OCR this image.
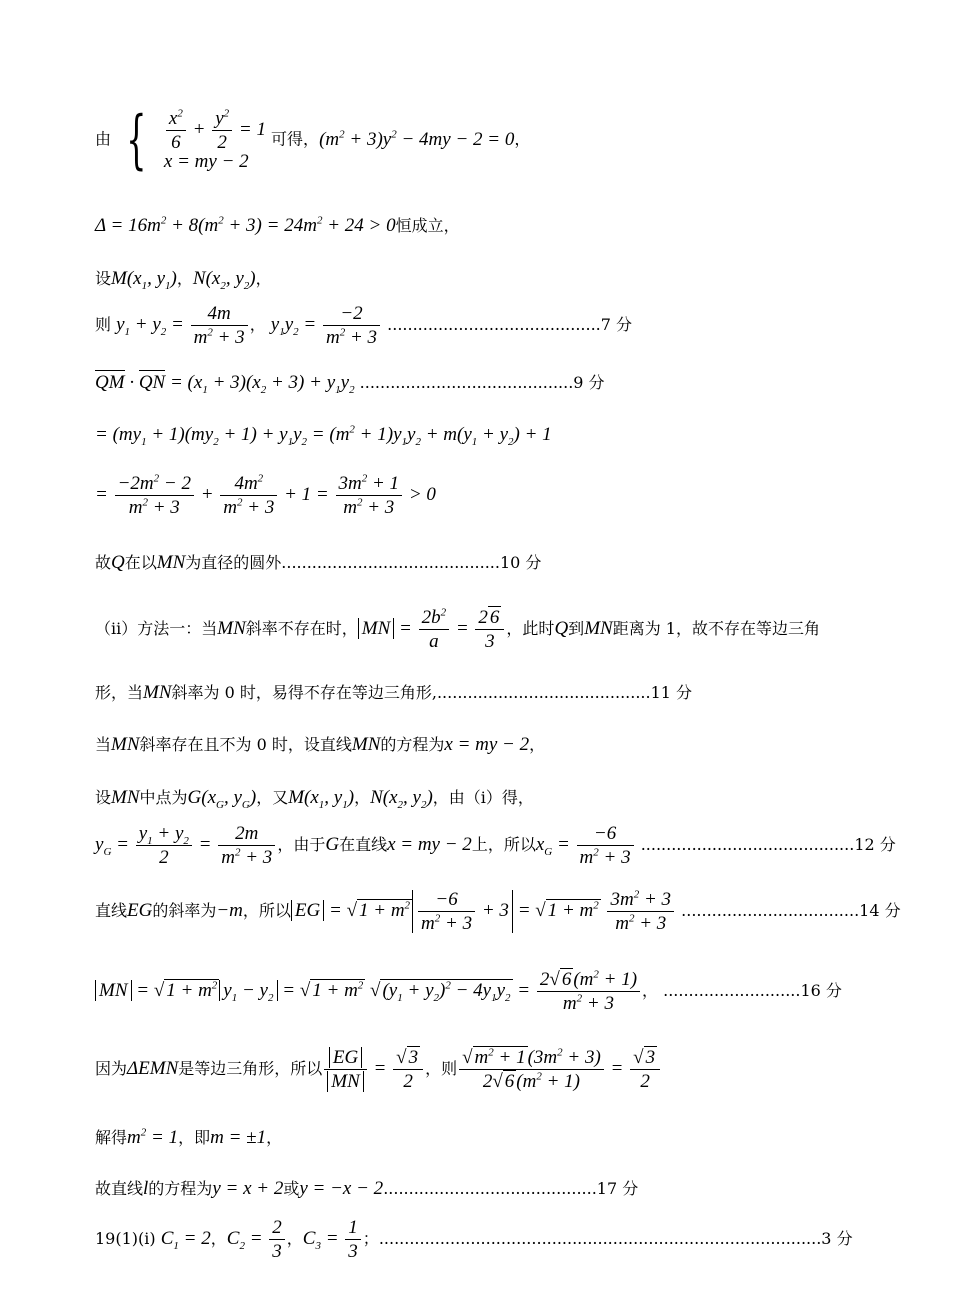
由 { $\frac{x^2}{6} + \frac{y^2}{2} = 1$
x = my − 2
可得，$(m^2 + 3)y^2 - 4my - 2 = 0$，
$\Delta = 16m^2 + 8(m^2 + 3) = 24m^2 + 24 > 0$恒成立，
设$M(x_1$, $y_1$)，$N(x_2$, $y_2$)，
则 $y_1 + y_2 = \frac{4m}{m^2 + 3}$ ， $y_1y_2 = \frac{-2}{m^2 + 3} ..........................................7$ 分
QM · QN = $(x_1 + 3)(x_2 + 3) + y_1y_2$ ..........................................9 分
= $(my_1 + 1)(my_2 + 1) + y_1y_2 = (m^2 + 1)y_1y_2 + m(y_1 + y_2) + 1$
= $\frac{-2m^2 - 2}{m^2 + 3} + \frac{4m^2}{m^2 + 3} + 1 = \frac{3m^2 + 1}{m^2 + 3} > 0$
故Q在以MN为直径的圆外...........................................10 分
（ii）方法一：当MN斜率不存在时， MN = $\frac{2b^2}{a} = \frac{2 6}{3}$ ，此时Q到MN距离为 1，故不存在等边三角
形，当MN斜率为 0 时，易得不存在等边三角形,..........................................11 分
当MN斜率存在且不为 0 时，设直线MN的方程为x = my − 2，
设MN中点为$G(x_G$, $y_G$)，又$M(x_1$, $y_1$)，$N(x_2$, $y_2$)，由（i）得，
$y_G = \frac{y_1 + y_2}{2} = \frac{2m}{m^2 + 3}$ ，由于G在直线x = my − 2上，所以$x_G = \frac{-6}{m^2 + 3} ..........................................12$ 分
直线EG的斜率为−m，所以 EG = √ $1 + m^2 \frac{-6}{m^2 + 3} + 3$ = √ $1 + m^2 \frac{3m^2 + 3}{m^2 + 3} ...................................14$ 分
MN = √ $1 + m^2$ $y_1 - y_2$ = √ $1 + m^2$ √ $(y_1 + y_2)^2 - 4y_1y_2 = \frac{2√ 6 (m^2 + 1)}{m^2 + 3}$ ， ...........................16 分
因为ΔEMN是等边三角形，所以 $\frac{EG}{MN} = \frac{√ 3}{2}$ ，则 $\frac{√ m^2 + 1 (3m^2 + 3)}{2√ 6 (m^2 + 1)} = \frac{√ 3}{2}$
解得$m^2 = 1$，即m = ±1，
故直线l的方程为y = x + 2或y = −x − 2..........................................17 分
19(1)(i) $C_1 = 2$，$C_2 = \frac{2}{3}$ ，$C_3 = \frac{1}{3}$ ；.......................................................................................3 分
